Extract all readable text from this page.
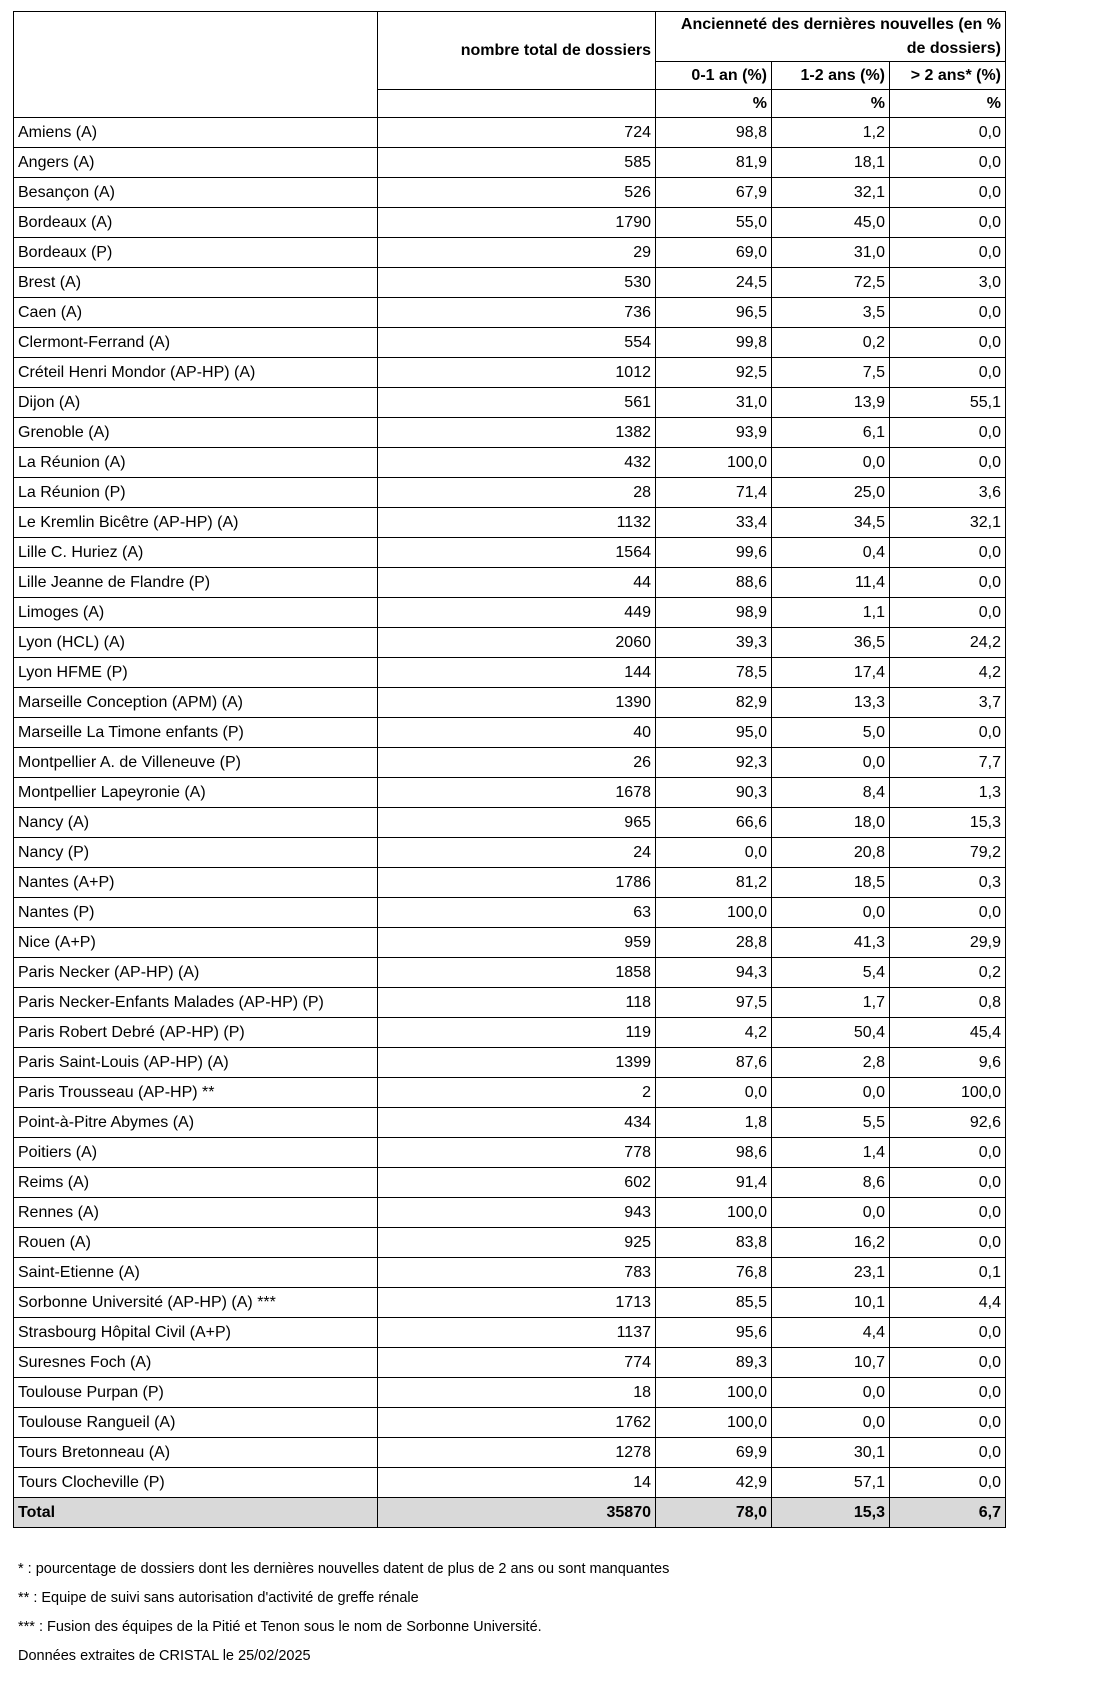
	nombre total de dossiers	Ancienneté des dernières nouvelles (en % de dossiers)		
		0-1 an (%)	1-2 ans (%)	> 2 ans* (%)
		%	%	%
Amiens (A)	724	98,8	1,2	0,0
Angers (A)	585	81,9	18,1	0,0
Besançon (A)	526	67,9	32,1	0,0
Bordeaux (A)	1790	55,0	45,0	0,0
Bordeaux (P)	29	69,0	31,0	0,0
Brest (A)	530	24,5	72,5	3,0
Caen (A)	736	96,5	3,5	0,0
Clermont-Ferrand (A)	554	99,8	0,2	0,0
Créteil Henri Mondor (AP-HP) (A)	1012	92,5	7,5	0,0
Dijon (A)	561	31,0	13,9	55,1
Grenoble (A)	1382	93,9	6,1	0,0
La Réunion (A)	432	100,0	0,0	0,0
La Réunion (P)	28	71,4	25,0	3,6
Le Kremlin Bicêtre (AP-HP) (A)	1132	33,4	34,5	32,1
Lille C. Huriez (A)	1564	99,6	0,4	0,0
Lille Jeanne de Flandre (P)	44	88,6	11,4	0,0
Limoges (A)	449	98,9	1,1	0,0
Lyon (HCL) (A)	2060	39,3	36,5	24,2
Lyon HFME (P)	144	78,5	17,4	4,2
Marseille Conception (APM) (A)	1390	82,9	13,3	3,7
Marseille La Timone enfants (P)	40	95,0	5,0	0,0
Montpellier A. de Villeneuve (P)	26	92,3	0,0	7,7
Montpellier Lapeyronie (A)	1678	90,3	8,4	1,3
Nancy (A)	965	66,6	18,0	15,3
Nancy (P)	24	0,0	20,8	79,2
Nantes (A+P)	1786	81,2	18,5	0,3
Nantes (P)	63	100,0	0,0	0,0
Nice (A+P)	959	28,8	41,3	29,9
Paris Necker (AP-HP) (A)	1858	94,3	5,4	0,2
Paris Necker-Enfants Malades (AP-HP) (P)	118	97,5	1,7	0,8
Paris Robert Debré (AP-HP) (P)	119	4,2	50,4	45,4
Paris Saint-Louis (AP-HP) (A)	1399	87,6	2,8	9,6
Paris Trousseau (AP-HP) **	2	0,0	0,0	100,0
Point-à-Pitre Abymes (A)	434	1,8	5,5	92,6
Poitiers (A)	778	98,6	1,4	0,0
Reims (A)	602	91,4	8,6	0,0
Rennes (A)	943	100,0	0,0	0,0
Rouen (A)	925	83,8	16,2	0,0
Saint-Etienne (A)	783	76,8	23,1	0,1
Sorbonne Université (AP-HP) (A) ***	1713	85,5	10,1	4,4
Strasbourg Hôpital Civil (A+P)	1137	95,6	4,4	0,0
Suresnes Foch (A)	774	89,3	10,7	0,0
Toulouse Purpan (P)	18	100,0	0,0	0,0
Toulouse Rangueil (A)	1762	100,0	0,0	0,0
Tours Bretonneau (A)	1278	69,9	30,1	0,0
Tours Clocheville (P)	14	42,9	57,1	0,0
Total	35870	78,0	15,3	6,7
* : pourcentage de dossiers dont les dernières nouvelles datent de plus de 2 ans ou sont manquantes
** : Equipe de suivi sans autorisation d'activité de greffe rénale
*** : Fusion des équipes de la Pitié et Tenon sous le nom de Sorbonne Université.
Données extraites de CRISTAL le 25/02/2025
